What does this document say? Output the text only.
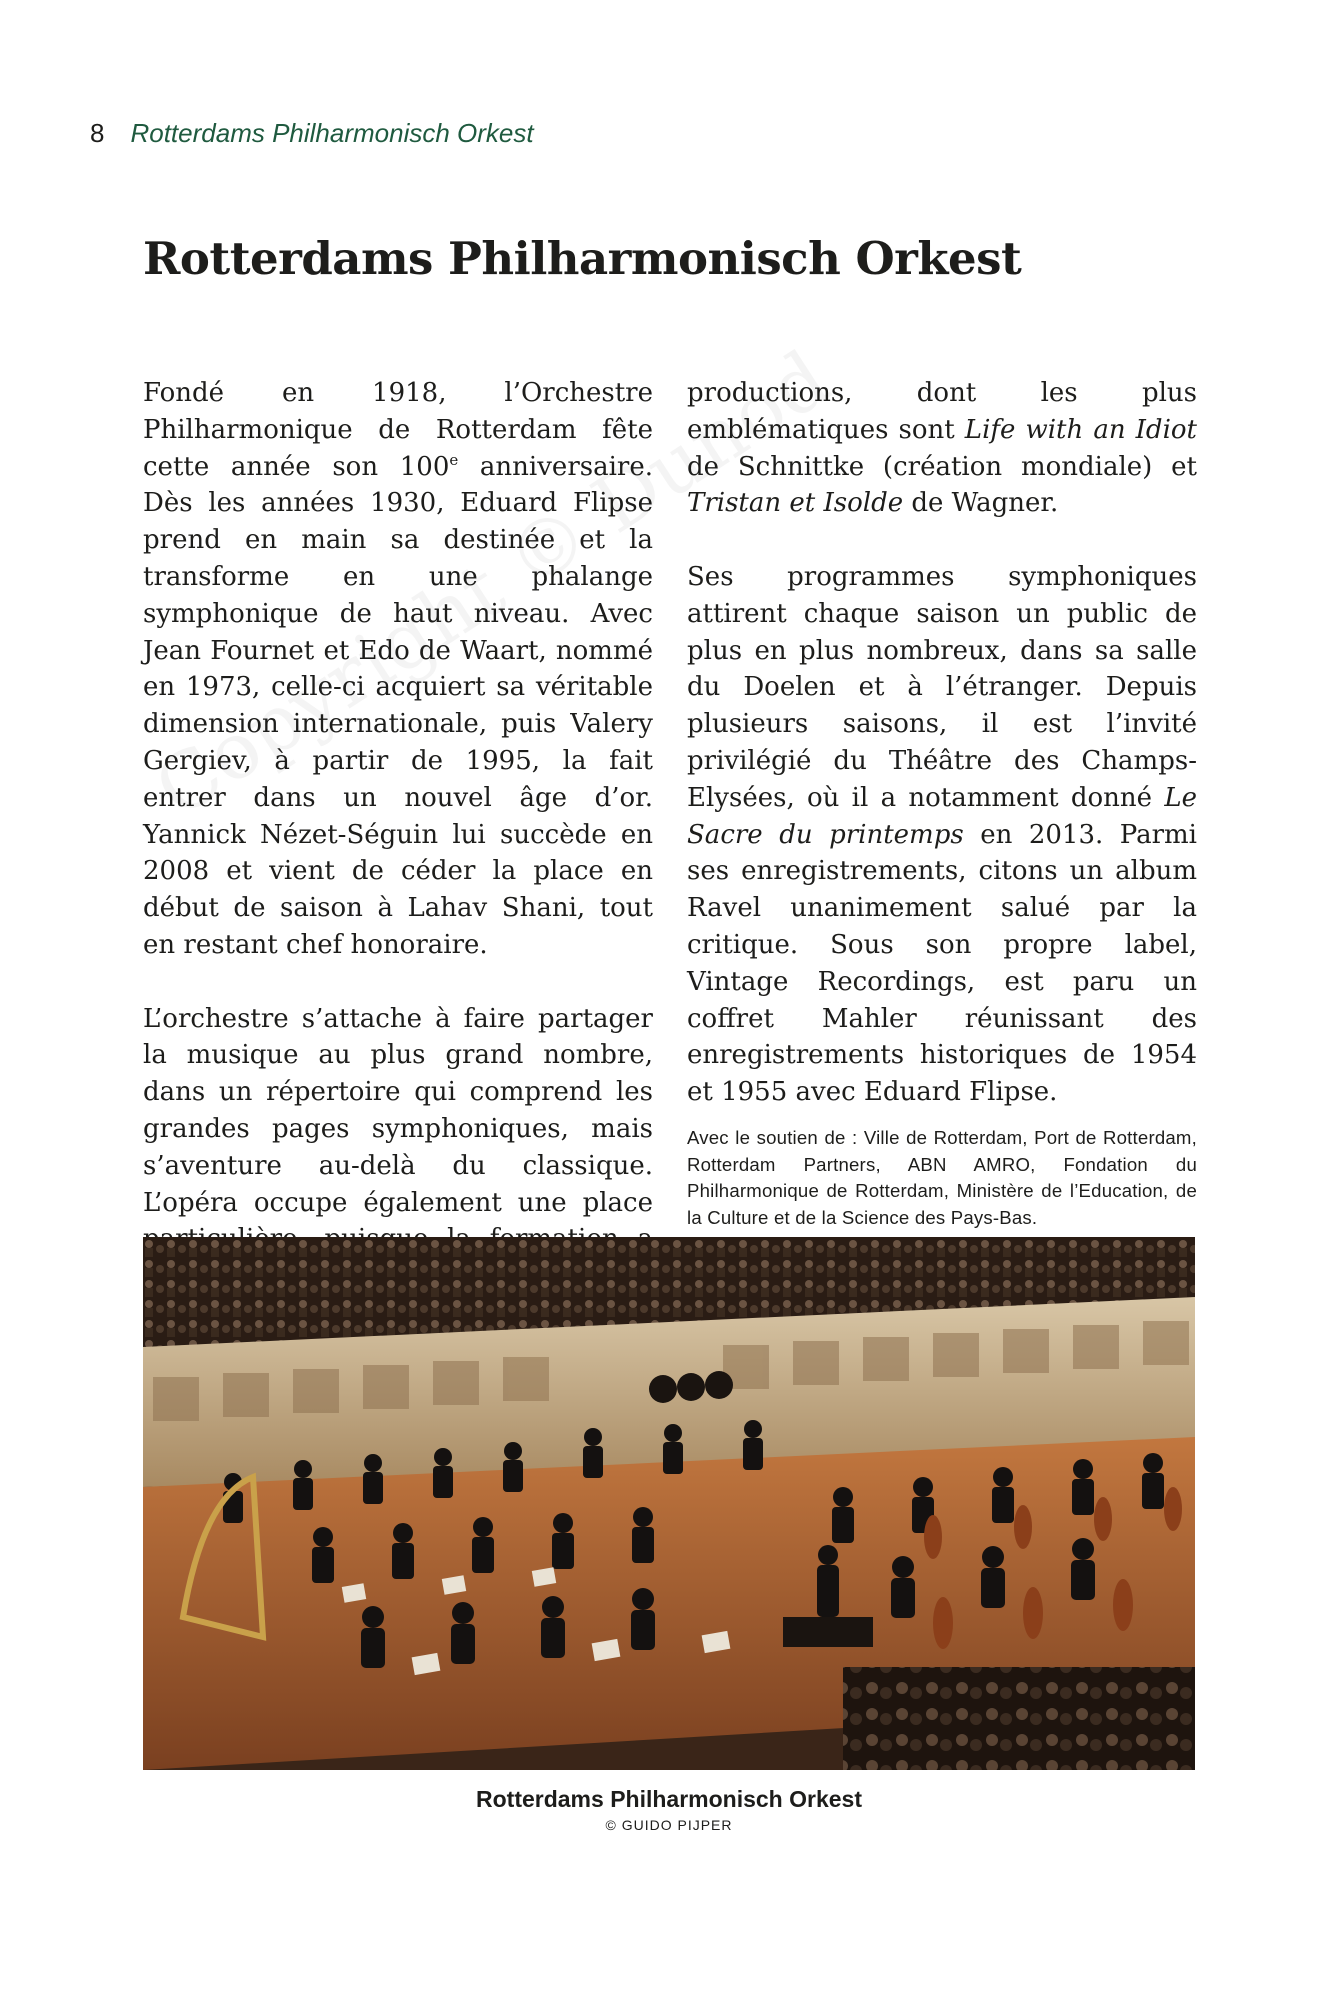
8 Rotterdams Philharmonisch Orkest
Rotterdams Philharmonisch Orkest

Fondé en 1918, l’Orchestre Philharmonique de Rotterdam fête cette année son 100e anniversaire. Dès les années 1930, Eduard Flipse prend en main sa destinée et la transforme en une phalange symphonique de haut niveau. Avec Jean Fournet et Edo de Waart, nommé en 1973, celle-ci acquiert sa véritable dimension internationale, puis Valery Gergiev, à partir de 1995, la fait entrer dans un nouvel âge d’or. Yannick Nézet-Séguin lui succède en 2008 et vient de céder la place en début de saison à Lahav Shani, tout en restant chef honoraire.

L’orchestre s’attache à faire partager la musique au plus grand nombre, dans un répertoire qui comprend les grandes pages symphoniques, mais s’aventure au-delà du classique. L’opéra occupe également une place

productions, dont les plus emblématiques sont Life with an Idiot de Schnittke (création mondiale) et Tristan et Isolde de Wagner.

Ses programmes symphoniques attirent chaque saison un public de plus en plus nombreux, dans sa salle du Doelen et à l’étranger. Depuis plusieurs saisons, il est l’invité privilégié du Théâtre des Champs-Elysées, où il a notamment donné Le Sacre du printemps en 2013. Parmi ses enregistrements, citons un album Ravel unanimement salué par la critique. Sous son propre label, Vintage Recordings, est paru un coffret Mahler réunissant des enregistrements historiques de 1954 et 1955 avec Eduard Flipse.

Avec le soutien de : Ville de Rotterdam, Port de Rotterdam, Rotterdam Partners, ABN AMRO, Fondation du Philharmonique de Rotterdam, Ministère de l’Education, de la Culture et de la Science des Pays-Bas.

Rotterdams Philharmonisch Orkest
© GUIDO PIJPER
